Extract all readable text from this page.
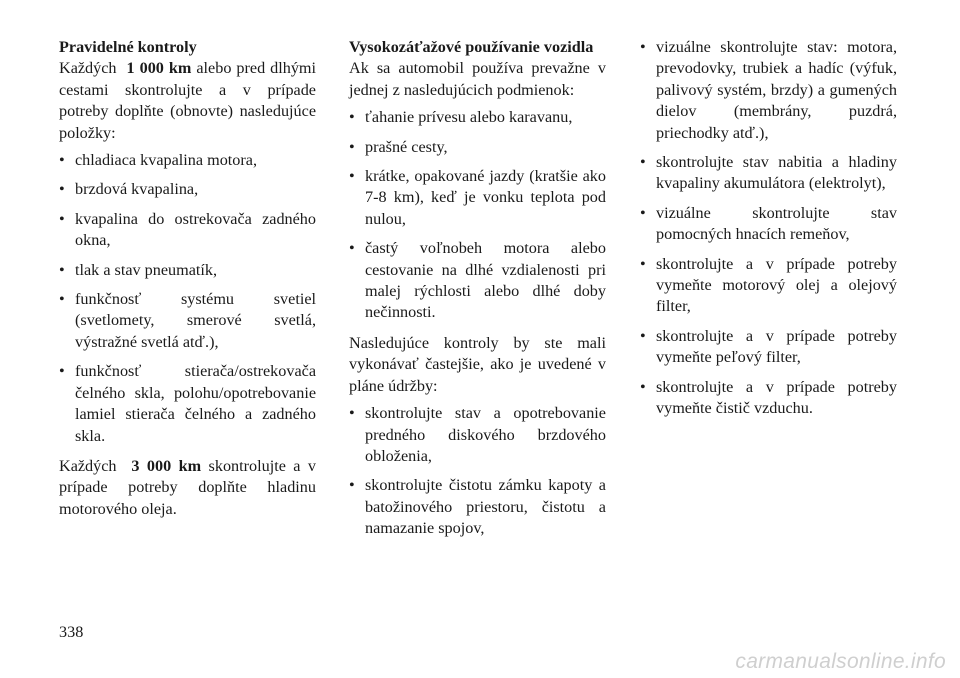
Pravidelné kontroly

Každých 1 000 km alebo pred dlhými cestami skontrolujte a v prípade potreby doplňte (obnovte) nasledujúce položky:

• chladiaca kvapalina motora,
• brzdová kvapalina,
• kvapalina do ostrekovača zadného okna,
• tlak a stav pneumatík,
• funkčnosť systému svetiel (svetlomety, smerové svetlá, výstražné svetlá atď.),
• funkčnosť stierača/ostrekovača čelného skla, polohu/opotrebovanie lamiel stierača čelného a zadného skla.

Každých 3 000 km skontrolujte a v prípade potreby doplňte hladinu motorového oleja.

Vysokozáťažové používanie vozidla

Ak sa automobil používa prevažne v jednej z nasledujúcich podmienok:

• ťahanie prívesu alebo karavanu,
• prašné cesty,
• krátke, opakované jazdy (kratšie ako 7-8 km), keď je vonku teplota pod nulou,
• častý voľnobeh motora alebo cestovanie na dlhé vzdialenosti pri malej rýchlosti alebo dlhé doby nečinnosti.

Nasledujúce kontroly by ste mali vykonávať častejšie, ako je uvedené v pláne údržby:

• skontrolujte stav a opotrebovanie predného diskového brzdového obloženia,
• skontrolujte čistotu zámku kapoty a batožinového priestoru, čistotu a namazanie spojov,
• vizuálne skontrolujte stav: motora, prevodovky, trubiek a hadíc (výfuk, palivový systém, brzdy) a gumených dielov (membrány, puzdrá, priechodky atď.),
• skontrolujte stav nabitia a hladiny kvapaliny akumulátora (elektrolyt),
• vizuálne skontrolujte stav pomocných hnacích remeňov,
• skontrolujte a v prípade potreby vymeňte motorový olej a olejový filter,
• skontrolujte a v prípade potreby vymeňte peľový filter,
• skontrolujte a v prípade potreby vymeňte čistič vzduchu.
338
carmanualsonline.info
